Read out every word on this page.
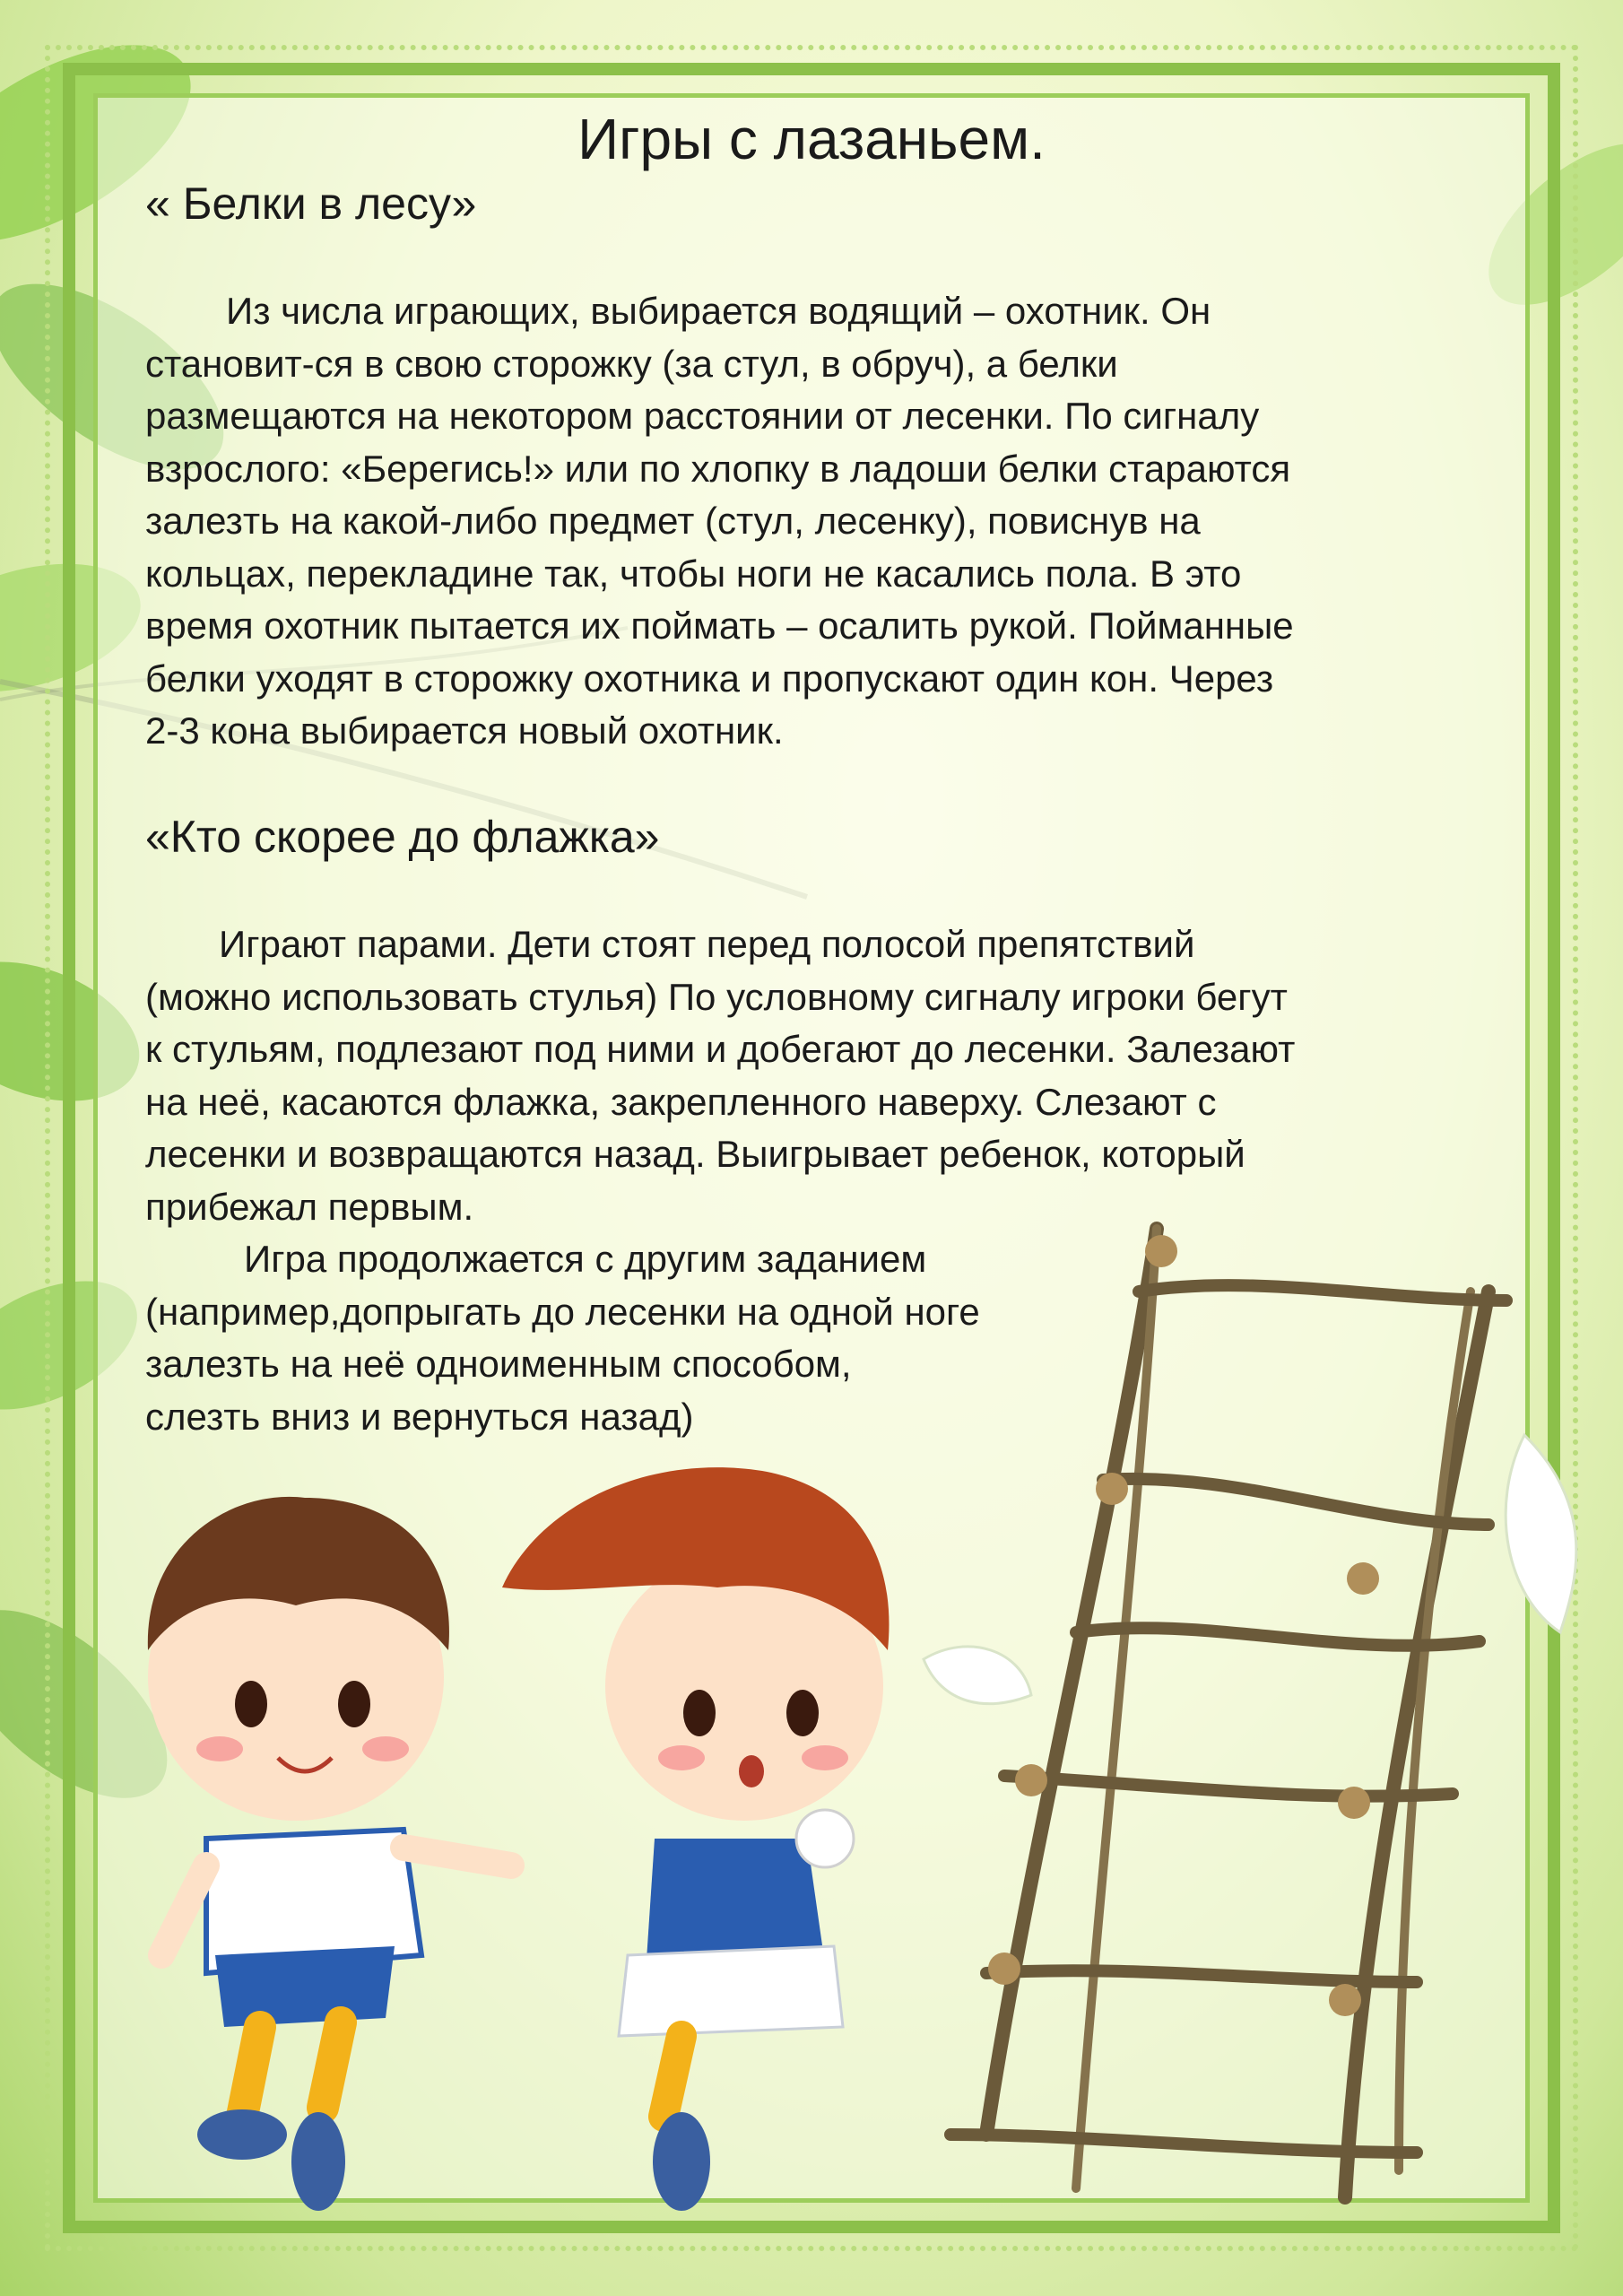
Игры с лазаньем.
« Белки в лесу»

Из числа играющих, выбирается водящий – охотник. Он
становит-ся в свою сторожку (за стул, в обруч), а белки
размещаются на некотором расстоянии от лесенки. По сигналу
взрослого: «Берегись!» или по хлопку в ладоши белки стараются
залезть на какой-либо предмет (стул, лесенку), повиснув на
кольцах, перекладине так, чтобы ноги не касались пола. В это
время охотник пытается их поймать – осалить рукой. Пойманные
белки уходят в сторожку охотника и пропускают один кон. Через
2-3 кона выбирается новый охотник.

«Кто скорее до флажка»

Играют парами. Дети стоят перед полосой препятствий
(можно использовать стулья) По условному сигналу игроки бегут
к стульям, подлезают под ними и добегают до лесенки. Залезают
на неё, касаются флажка, закрепленного наверху. Слезают с
лесенки и возвращаются назад. Выигрывает ребенок, который
прибежал первым.
Игра продолжается с другим заданием
(например,допрыгать до лесенки на одной ноге
залезть на неё одноименным способом,
слезть вниз и вернуться назад)
